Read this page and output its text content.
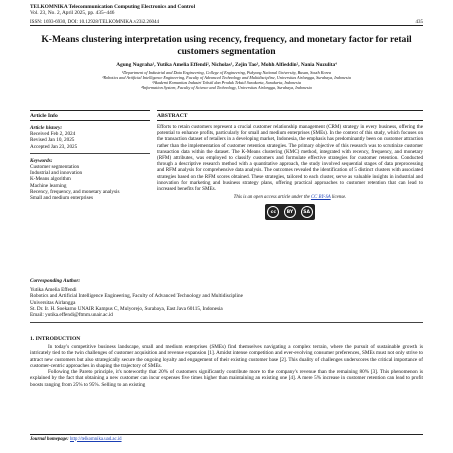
TELKOMNIKA Telecommunication Computing Electronics and Control
Vol. 23, No. 2, April 2025, pp. 435~446
ISSN: 1693-6930, DOI: 10.12928/TELKOMNIKA.v23i2.26044	435
K-Means clustering interpretation using recency, frequency, and monetary factor for retail customers segmentation
Agung Nugraha¹, Yutika Amelia Effendi², Nicholas¹, Zejin Tao³, Mohh Alfieddin², Nania Nuzulita⁴
¹Department of Industrial and Data Engineering, College of Engineering, Pukyong National University, Busan, South Korea
²Robotics and Artificial Intelligence Engineering, Faculty of Advanced Technology and Multidiscipline, Universitas Airlangga, Surabaya, Indonesia
³Akademi Komunitas Industri Tekstil dan Produk Tekstil Surakarta, Surakarta, Indonesia
⁴Information System, Faculty of Science and Technology, Universitas Airlangga, Surabaya, Indonesia
Article Info
Article history:
Received Feb 2, 2024
Revised Jan 10, 2025
Accepted Jan 23, 2025
Keywords:
Customer segmentation
Industrial and innovation
K-Means algorithm
Machine learning
Recency, frequency, and monetary analysis
Small and medium enterprises
ABSTRACT
Efforts to retain customers represent a crucial customer relationship management (CRM) strategy in every business, offering the potential to enhance profits, particularly for small and medium enterprises (SMEs). In the context of this study, which focuses on the transaction dataset of retailers in a developing market, Indonesia, the emphasis has predominantly been on customer attraction rather than the implementation of customer retention strategies. The primary objective of this research was to scrutinize customer transaction data within the dataset. The K-Means clustering (KMC) method, integrated with recency, frequency, and monetary (RFM) attributes, was employed to classify customers and formulate effective strategies for customer retention. Conducted through a descriptive research method with a quantitative approach, the study involved sequential stages of data preprocessing and RFM analysis for comprehensive data analysis. The outcomes revealed the identification of 5 distinct clusters with associated strategies based on the RFM scores obtained. These strategies, tailored to each cluster, serve as valuable insights in industrial and innovation for marketing and business strategy plans, offering practical approaches to customer retention that can lead to increased benefits for SMEs.
This is an open access article under the CC BY-SA license.
cc	BY	SA
Corresponding Author:
Yutika Amelia Effendi
Robotics and Artificial Intelligence Engineering, Faculty of Advanced Technology and Multidiscipline
Universitas Airlangga
St. Dr. Ir. H. Soekarno UNAIR Kampus C, Mulyorejo, Surabaya, East Java 60115, Indonesia
Email: yutika.effendi@ftmm.unair.ac.id
1. INTRODUCTION

In today's competitive business landscape, small and medium enterprises (SMEs) find themselves navigating a complex terrain, where the pursuit of sustainable growth is intricately tied to the twin challenges of customer acquisition and revenue expansion [1]. Amidst intense competition and ever-evolving consumer preferences, SMEs must not only strive to attract new customers but also strategically secure the ongoing loyalty and engagement of their existing customer base [2]. This duality of challenges underscores the critical importance of customer-centric approaches in shaping the trajectory of SMEs.

Following the Pareto principle, it's noteworthy that 20% of customers significantly contribute more to the company's revenue than the remaining 80% [3]. This phenomenon is explained by the fact that obtaining a new customer can incur expenses five times higher than maintaining an existing one [4]. A mere 5% increase in customer retention can lead to profit boosts ranging from 25% to 95%. Selling to an existing

Journal homepage: http://telkomnika.uad.ac.id
